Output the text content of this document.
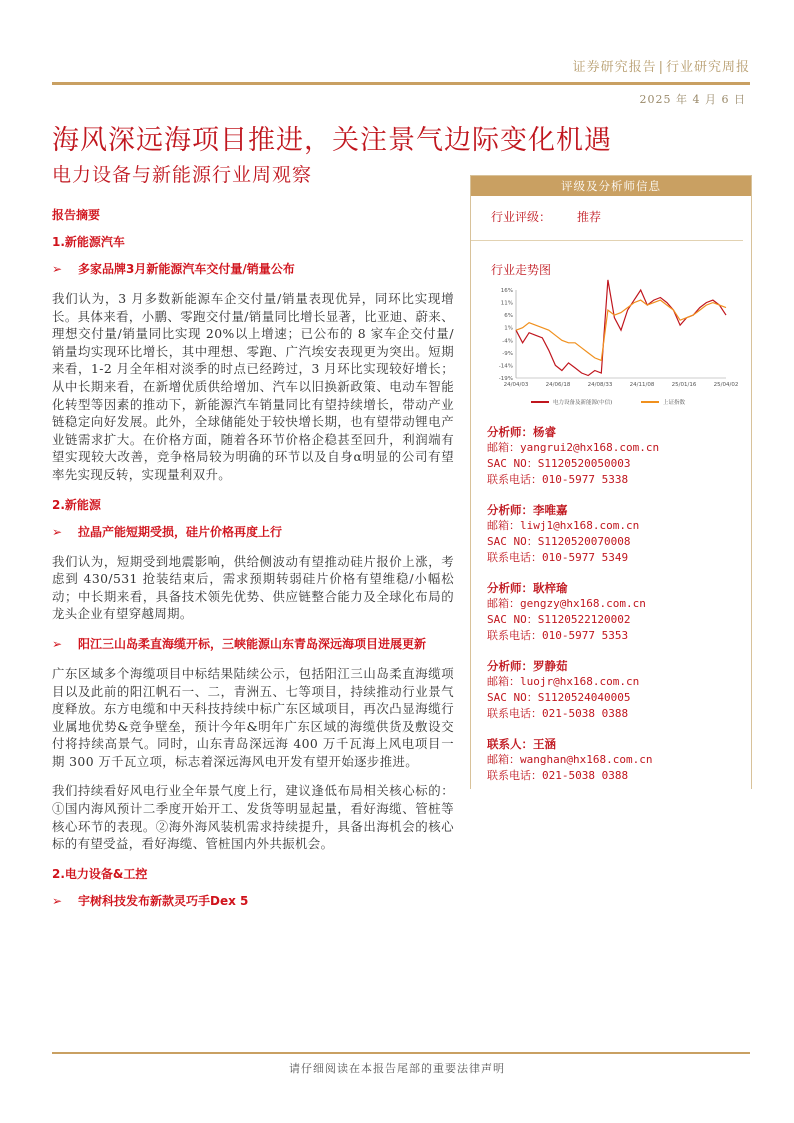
证券研究报告 | 行业研究周报
2025 年 4 月 6 日
海风深远海项目推进，关注景气边际变化机遇
电力设备与新能源行业周观察
报告摘要
1.新能源汽车
➢	多家品牌3月新能源汽车交付量/销量公布

我们认为，3 月多数新能源车企交付量/销量表现优异，同环比实现增长。具体来看，小鹏、零跑交付量/销量同比增长显著，比亚迪、蔚来、理想交付量/销量同比实现 20%以上增速；已公布的 8 家车企交付量/销量均实现环比增长，其中理想、零跑、广汽埃安表现更为突出。短期来看，1-2 月全年相对淡季的时点已经跨过，3 月环比实现较好增长；从中长期来看，在新增优质供给增加、汽车以旧换新政策、电动车智能化转型等因素的推动下，新能源汽车销量同比有望持续增长，带动产业链稳定向好发展。此外，全球储能处于较快增长期，也有望带动锂电产业链需求扩大。在价格方面，随着各环节价格企稳甚至回升，利润端有望实现较大改善，竞争格局较为明确的环节以及自身α明显的公司有望率先实现反转，实现量利双升。

2.新能源
➢	拉晶产能短期受损，硅片价格再度上行

我们认为，短期受到地震影响，供给侧波动有望推动硅片报价上涨，考虑到 430/531 抢装结束后，需求预期转弱硅片价格有望维稳/小幅松动；中长期来看，具备技术领先优势、供应链整合能力及全球化布局的龙头企业有望穿越周期。

➢	阳江三山岛柔直海缆开标，三峡能源山东青岛深远海项目进展更新

广东区域多个海缆项目中标结果陆续公示，包括阳江三山岛柔直海缆项目以及此前的阳江帆石一、二，青洲五、七等项目，持续推动行业景气度释放。东方电缆和中天科技持续中标广东区域项目，再次凸显海缆行业属地优势&竞争壁垒，预计今年&明年广东区域的海缆供货及敷设交付将持续高景气。同时，山东青岛深远海 400 万千瓦海上风电项目一期 300 万千瓦立项，标志着深远海风电开发有望开始逐步推进。

我们持续看好风电行业全年景气度上行，建议逢低布局相关核心标的：①国内海风预计二季度开始开工、发货等明显起量，看好海缆、管桩等核心环节的表现。②海外海风装机需求持续提升，具备出海机会的核心标的有望受益，看好海缆、管桩国内外共振机会。

2.电力设备&工控
➢	宇树科技发布新款灵巧手Dex 5
评级及分析师信息
行业评级： 推荐
行业走势图
16%
11%
6%
1%
-4%
-9%
-14%
-19%
24/04/03	24/06/18	24/08/33	24/11/08	25/01/16	25/04/02
电力设备及新能源(中信)	上证指数
分析师：杨睿
邮箱：yangrui2@hx168.com.cn
SAC NO：S1120520050003
联系电话：010-5977 5338
分析师：李唯嘉
邮箱：liwj1@hx168.com.cn
SAC NO：S1120520070008
联系电话：010-5977 5349
分析师：耿梓瑜
邮箱：gengzy@hx168.com.cn
SAC NO：S1120522120002
联系电话：010-5977 5353
分析师：罗静茹
邮箱：luojr@hx168.com.cn
SAC NO：S1120524040005
联系电话：021-5038 0388
联系人：王涵
邮箱：wanghan@hx168.com.cn
联系电话：021-5038 0388
请仔细阅读在本报告尾部的重要法律声明
